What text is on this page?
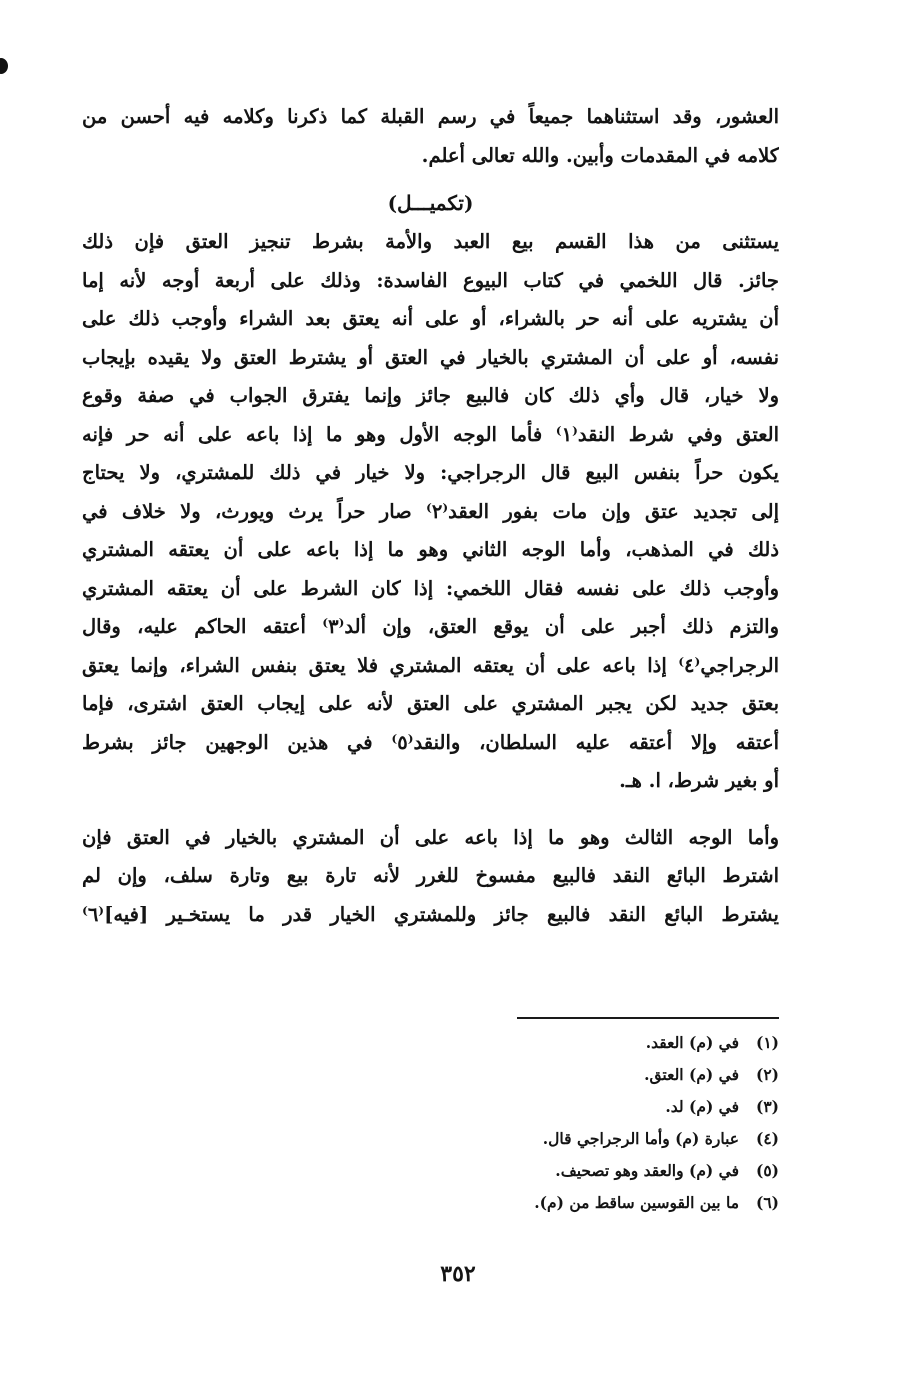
العشور، وقد استثناهما جميعاً في رسم القبلة كما ذكرنا وكلامه فيه أحسن من
كلامه في المقدمات وأبين. والله تعالى أعلم.
(تكميـــل)
يستثنى من هذا القسم بيع العبد والأمة بشرط تنجيز العتق فإن ذلك
جائز. قال اللخمي في كتاب البيوع الفاسدة: وذلك على أربعة أوجه لأنه إما
أن يشتريه على أنه حر بالشراء، أو على أنه يعتق بعد الشراء وأوجب ذلك على
نفسه، أو على أن المشتري بالخيار في العتق أو يشترط العتق ولا يقيده بإيجاب
ولا خيار، قال وأي ذلك كان فالبيع جائز وإنما يفترق الجواب في صفة وقوع
العتق وفي شرط النقد⁽١⁾ فأما الوجه الأول وهو ما إذا باعه على أنه حر فإنه
يكون حراً بنفس البيع قال الرجراجي: ولا خيار في ذلك للمشتري، ولا يحتاج
إلى تجديد عتق وإن مات بفور العقد⁽٢⁾ صار حراً يرث ويورث، ولا خلاف في
ذلك في المذهب، وأما الوجه الثاني وهو ما إذا باعه على أن يعتقه المشتري
وأوجب ذلك على نفسه فقال اللخمي: إذا كان الشرط على أن يعتقه المشتري
والتزم ذلك أجبر على أن يوقع العتق، وإن ألد⁽٣⁾ أعتقه الحاكم عليه، وقال
الرجراجي⁽٤⁾ إذا باعه على أن يعتقه المشتري فلا يعتق بنفس الشراء، وإنما يعتق
بعتق جديد لكن يجبر المشتري على العتق لأنه على إيجاب العتق اشترى، فإما
أعتقه وإلا أعتقه عليه السلطان، والنقد⁽٥⁾ في هذين الوجهين جائز بشرط
أو بغير شرط، ا. هـ.
وأما الوجه الثالث وهو ما إذا باعه على أن المشتري بالخيار في العتق فإن
اشترط البائع النقد فالبيع مفسوخ للغرر لأنه تارة بيع وتارة سلف، وإن لم
يشترط البائع النقد فالبيع جائز وللمشتري الخيار قدر ما يستخـير [فيه]⁽٦⁾
(١)
في (م) العقد.
(٢)
في (م) العتق.
(٣)
في (م) لد.
(٤)
عبارة (م) وأما الرجراجي قال.
(٥)
في (م) والعقد وهو تصحيف.
(٦)
ما بين القوسين ساقط من (م).
٣٥٢
